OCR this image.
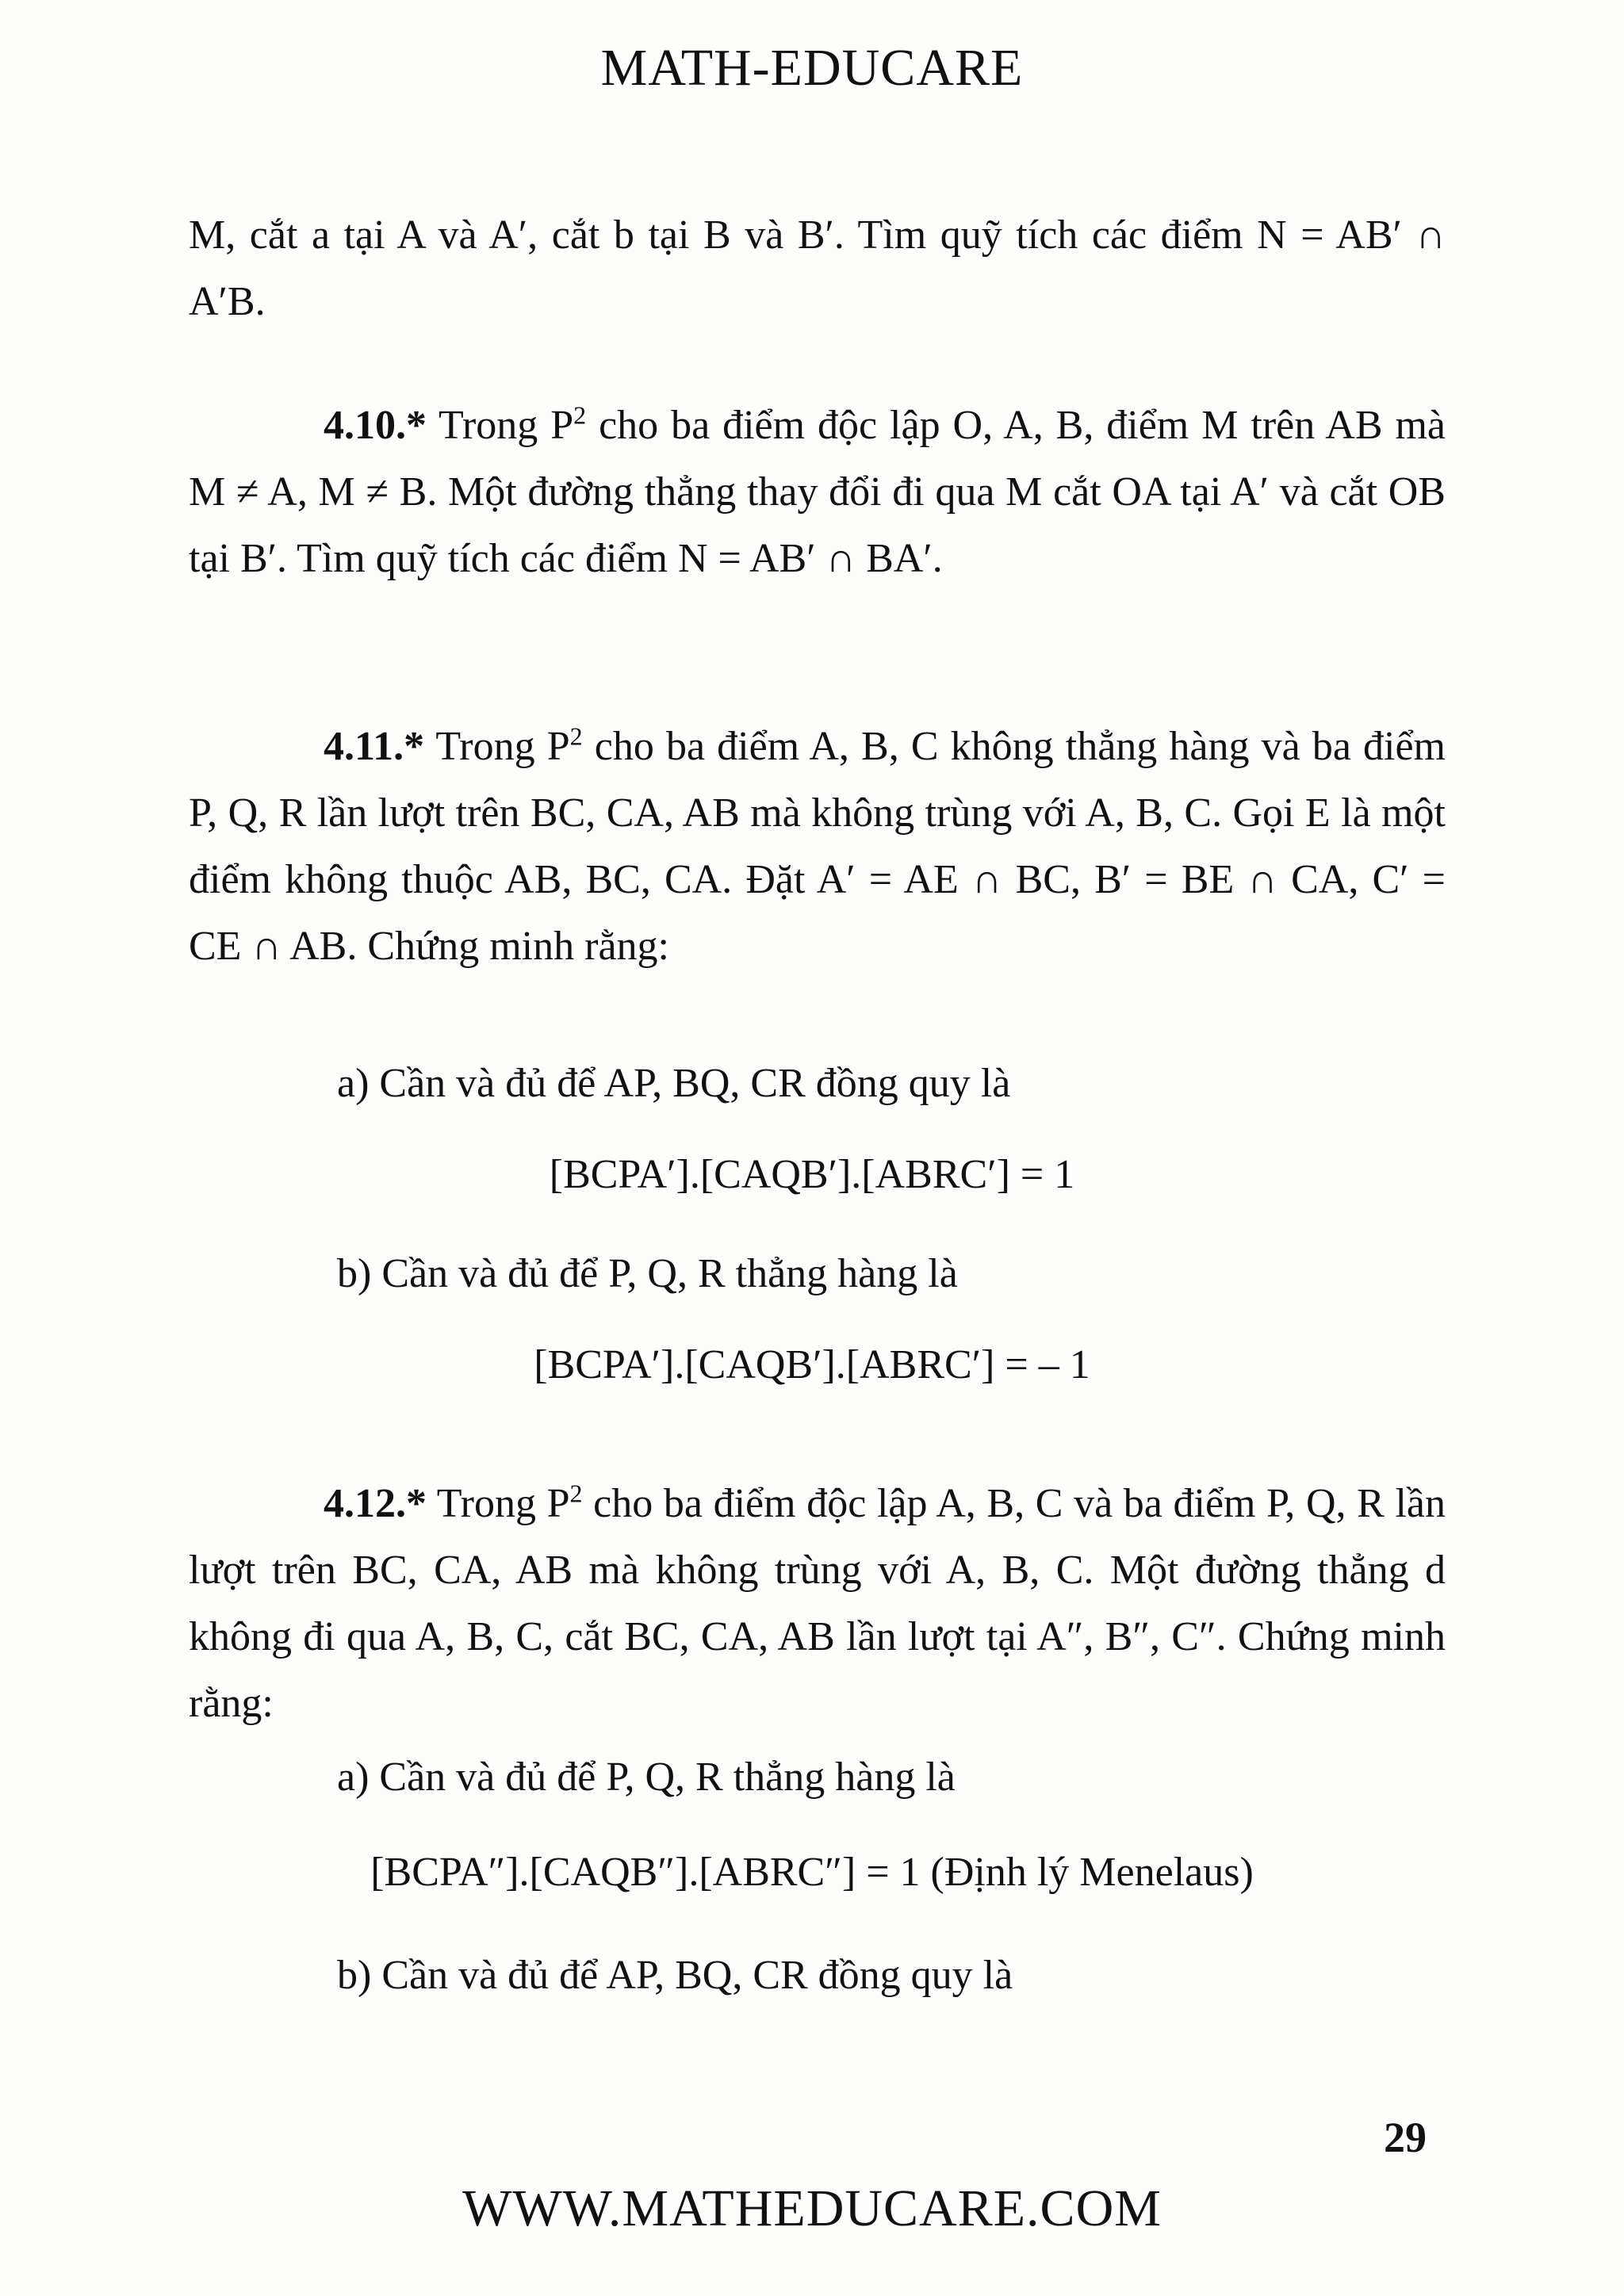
MATH-EDUCARE
M, cắt a tại A và A′, cắt b tại B và B′. Tìm quỹ tích các điểm N = AB′ ∩ A′B.
4.10.* Trong $P^2$ cho ba điểm độc lập O, A, B, điểm M trên AB mà M ≠ A, M ≠ B. Một đường thẳng thay đổi đi qua M cắt OA tại A′ và cắt OB tại B′. Tìm quỹ tích các điểm N = AB′ ∩ BA′.
4.11.* Trong $P^2$ cho ba điểm A, B, C không thẳng hàng và ba điểm P, Q, R lần lượt trên BC, CA, AB mà không trùng với A, B, C. Gọi E là một điểm không thuộc AB, BC, CA. Đặt A′ = AE ∩ BC, B′ = BE ∩ CA, C′ = CE ∩ AB. Chứng minh rằng:
a) Cần và đủ để AP, BQ, CR đồng quy là
[BCPA′].[CAQB′].[ABRC′] = 1
b) Cần và đủ để P, Q, R thẳng hàng là
[BCPA′].[CAQB′].[ABRC′] = – 1
4.12.* Trong $P^2$ cho ba điểm độc lập A, B, C và ba điểm P, Q, R lần lượt trên BC, CA, AB mà không trùng với A, B, C. Một đường thẳng d không đi qua A, B, C, cắt BC, CA, AB lần lượt tại A″, B″, C″. Chứng minh rằng:
a) Cần và đủ để P, Q, R thẳng hàng là
[BCPA″].[CAQB″].[ABRC″] = 1 (Định lý Menelaus)
b) Cần và đủ để AP, BQ, CR đồng quy là
29
WWW.MATHEDUCARE.COM
